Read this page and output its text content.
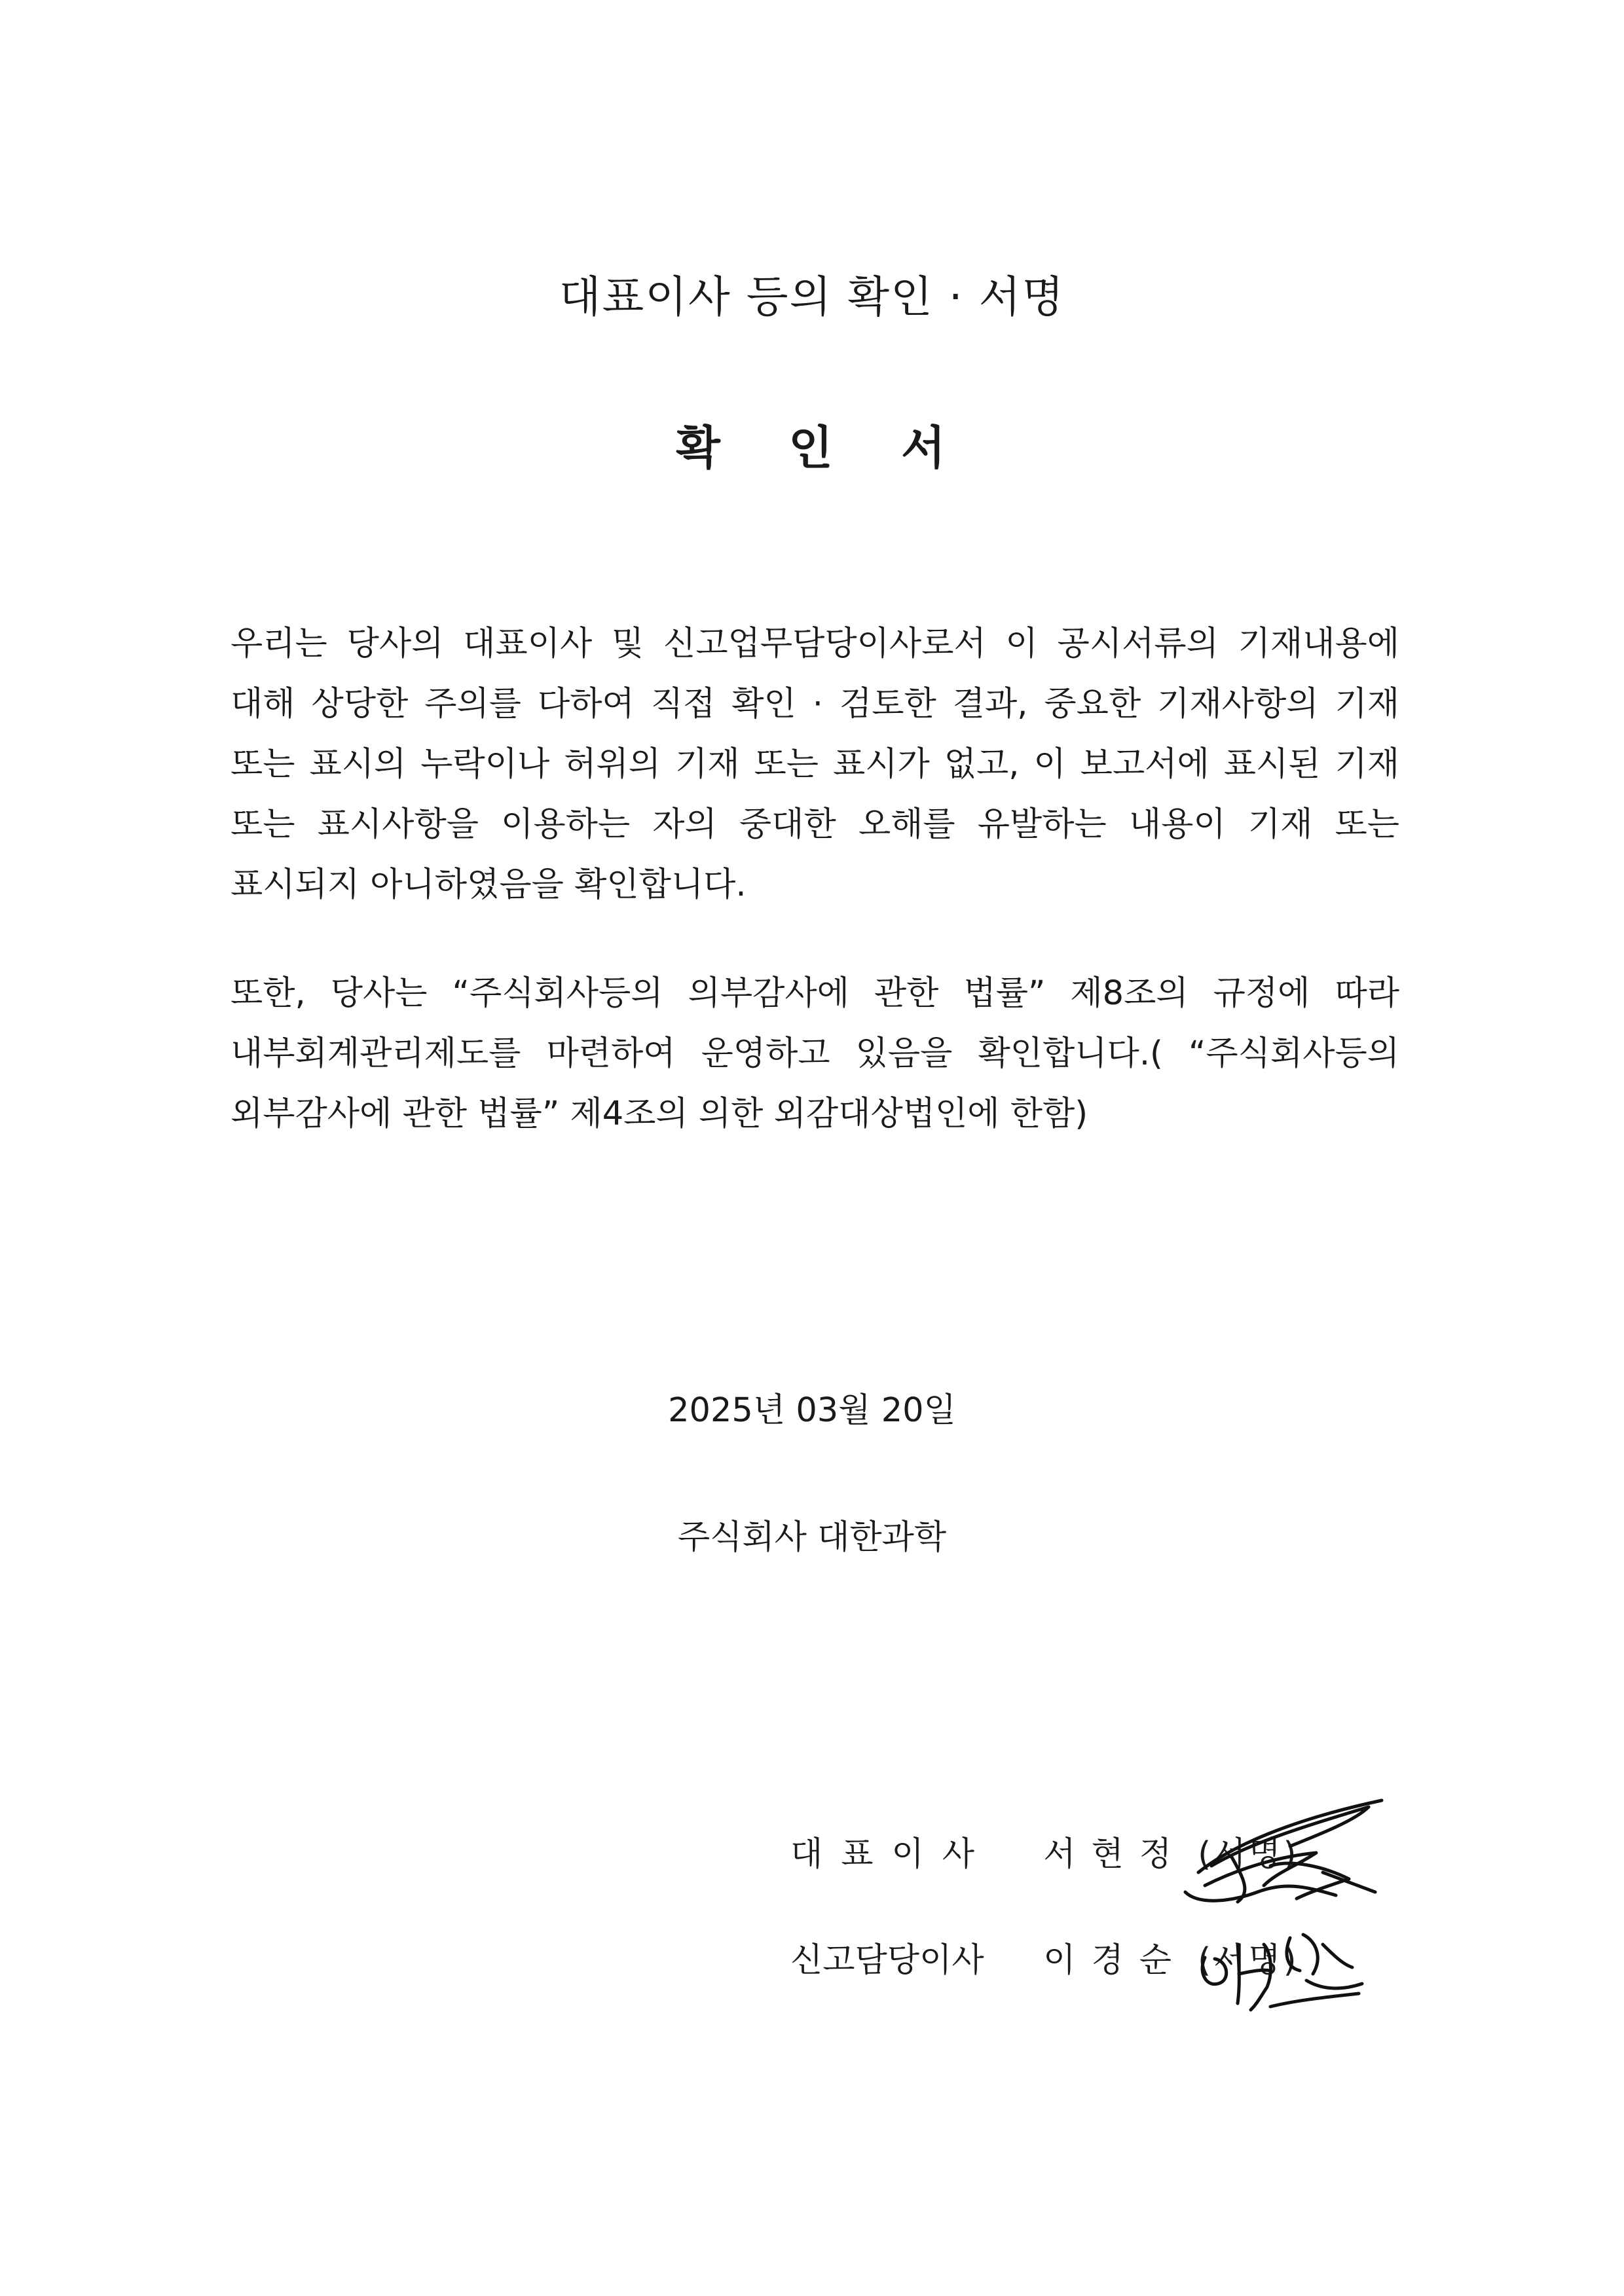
대표이사 등의 확인 · 서명
확 인 서

우리는 당사의 대표이사 및 신고업무담당이사로서 이 공시서류의 기재내용에 대해 상당한 주의를 다하여 직접 확인 · 검토한 결과, 중요한 기재사항의 기재 또는 표시의 누락이나 허위의 기재 또는 표시가 없고, 이 보고서에 표시된 기재 또는 표시사항을 이용하는 자의 중대한 오해를 유발하는 내용이 기재 또는 표시되지 아니하였음을 확인합니다.

또한, 당사는 “주식회사등의 의부감사에 관한 법률” 제8조의 규정에 따라 내부회계관리제도를 마련하여 운영하고 있음을 확인합니다.( “주식회사등의 외부감사에 관한 법률” 제4조의 의한 외감대상법인에 한함)

2025년 03월 20일
주식회사 대한과학
대표이사 서현정 (서명)
신고담당이사 이경순 (서명)
